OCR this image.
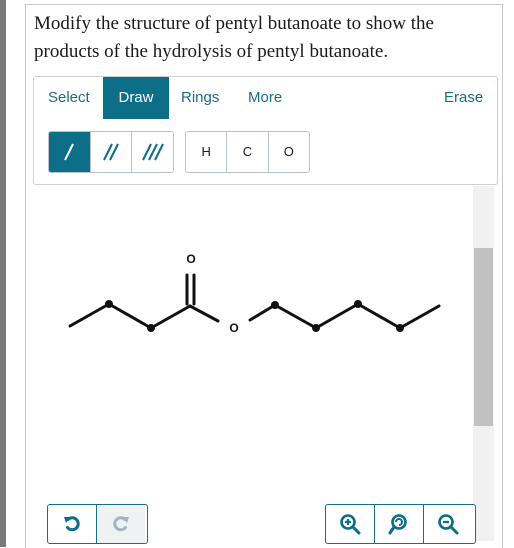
Modify the structure of pentyl butanoate to show the
products of the hydrolysis of pentyl butanoate.
Select	Draw	Rings More	Erase
H	C	O
O
O
